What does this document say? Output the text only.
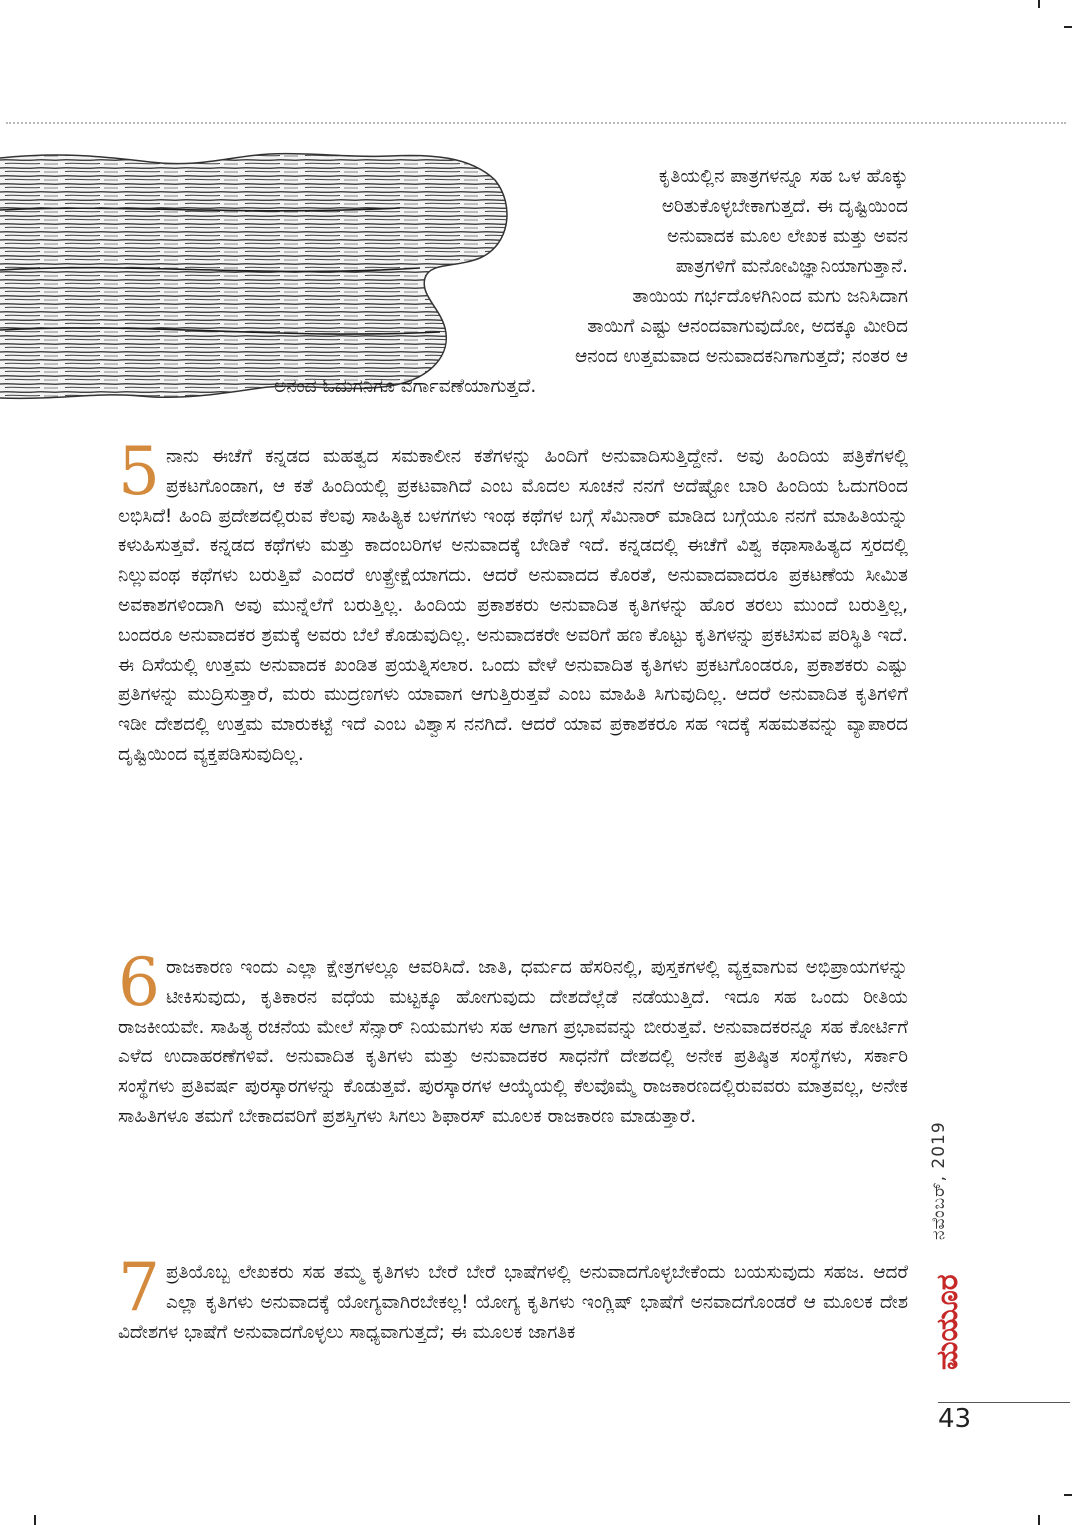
ಕೃತಿಯಲ್ಲಿನ ಪಾತ್ರಗಳನ್ನೂ ಸಹ ಒಳ ಹೊಕ್ಕು

ಅರಿತುಕೊಳ್ಳಬೇಕಾಗುತ್ತದೆ. ಈ ದೃಷ್ಟಿಯಿಂದ

ಅನುವಾದಕ ಮೂಲ ಲೇಖಕ ಮತ್ತು ಅವನ

ಪಾತ್ರಗಳಿಗೆ ಮನೋವಿಜ್ಞಾನಿಯಾಗುತ್ತಾನೆ.

ತಾಯಿಯ ಗರ್ಭದೊಳಗಿನಿಂದ ಮಗು ಜನಿಸಿದಾಗ

ತಾಯಿಗೆ ಎಷ್ಟು ಆನಂದವಾಗುವುದೋ, ಅದಕ್ಕೂ ಮೀರಿದ

ಆನಂದ ಉತ್ತಮವಾದ ಅನುವಾದಕನಿಗಾಗುತ್ತದೆ; ನಂತರ ಆ

ಅನಂದ ಓದುಗನಿಗೂ ವರ್ಗಾವಣೆಯಾಗುತ್ತದೆ.

5 ನಾನು ಈಚೆಗೆ ಕನ್ನಡದ ಮಹತ್ವದ ಸಮಕಾಲೀನ ಕತೆಗಳನ್ನು ಹಿಂದಿಗೆ ಅನುವಾದಿಸುತ್ತಿದ್ದೇನೆ. ಅವು ಹಿಂದಿಯ ಪತ್ರಿಕೆಗಳಲ್ಲಿ ಪ್ರಕಟಗೊಂಡಾಗ, ಆ ಕತೆ ಹಿಂದಿಯಲ್ಲಿ ಪ್ರಕಟವಾಗಿದೆ ಎಂಬ ಮೊದಲ ಸೂಚನೆ ನನಗೆ ಅದೆಷ್ಟೋ ಬಾರಿ ಹಿಂದಿಯ ಓದುಗರಿಂದ ಲಭಿಸಿದೆ! ಹಿಂದಿ ಪ್ರದೇಶದಲ್ಲಿರುವ ಕೆಲವು ಸಾಹಿತ್ಯಿಕ ಬಳಗಗಳು ಇಂಥ ಕಥೆಗಳ ಬಗ್ಗೆ ಸೆಮಿನಾರ್ ಮಾಡಿದ ಬಗ್ಗೆಯೂ ನನಗೆ ಮಾಹಿತಿಯನ್ನು ಕಳುಹಿಸುತ್ತವೆ. ಕನ್ನಡದ ಕಥೆಗಳು ಮತ್ತು ಕಾದಂಬರಿಗಳ ಅನುವಾದಕ್ಕೆ ಬೇಡಿಕೆ ಇದೆ. ಕನ್ನಡದಲ್ಲಿ ಈಚೆಗೆ ವಿಶ್ವ ಕಥಾಸಾಹಿತ್ಯದ ಸ್ತರದಲ್ಲಿ ನಿಲ್ಲುವಂಥ ಕಥೆಗಳು ಬರುತ್ತಿವೆ ಎಂದರೆ ಉತ್ಪ್ರೇಕ್ಷೆಯಾಗದು. ಆದರೆ ಅನುವಾದದ ಕೊರತೆ, ಅನುವಾದವಾದರೂ ಪ್ರಕಟಣೆಯ ಸೀಮಿತ ಅವಕಾಶಗಳಿಂದಾಗಿ ಅವು ಮುನ್ನೆಲೆಗೆ ಬರುತ್ತಿಲ್ಲ. ಹಿಂದಿಯ ಪ್ರಕಾಶಕರು ಅನುವಾದಿತ ಕೃತಿಗಳನ್ನು ಹೊರ ತರಲು ಮುಂದೆ ಬರುತ್ತಿಲ್ಲ, ಬಂದರೂ ಅನುವಾದಕರ ಶ್ರಮಕ್ಕೆ ಅವರು ಬೆಲೆ ಕೊಡುವುದಿಲ್ಲ. ಅನುವಾದಕರೇ ಅವರಿಗೆ ಹಣ ಕೊಟ್ಟು ಕೃತಿಗಳನ್ನು ಪ್ರಕಟಿಸುವ ಪರಿಸ್ಥಿತಿ ಇದೆ. ಈ ದಿಸೆಯಲ್ಲಿ ಉತ್ತಮ ಅನುವಾದಕ ಖಂಡಿತ ಪ್ರಯತ್ನಿಸಲಾರ. ಒಂದು ವೇಳೆ ಅನುವಾದಿತ ಕೃತಿಗಳು ಪ್ರಕಟಗೊಂಡರೂ, ಪ್ರಕಾಶಕರು ಎಷ್ಟು ಪ್ರತಿಗಳನ್ನು ಮುದ್ರಿಸುತ್ತಾರೆ, ಮರು ಮುದ್ರಣಗಳು ಯಾವಾಗ ಆಗುತ್ತಿರುತ್ತವೆ ಎಂಬ ಮಾಹಿತಿ ಸಿಗುವುದಿಲ್ಲ. ಆದರೆ ಅನುವಾದಿತ ಕೃತಿಗಳಿಗೆ ಇಡೀ ದೇಶದಲ್ಲಿ ಉತ್ತಮ ಮಾರುಕಟ್ಟೆ ಇದೆ ಎಂಬ ವಿಶ್ವಾಸ ನನಗಿದೆ. ಆದರೆ ಯಾವ ಪ್ರಕಾಶಕರೂ ಸಹ ಇದಕ್ಕೆ ಸಹಮತವನ್ನು ವ್ಯಾಪಾರದ ದೃಷ್ಟಿಯಿಂದ ವ್ಯಕ್ತಪಡಿಸುವುದಿಲ್ಲ.
6 ರಾಜಕಾರಣ ಇಂದು ಎಲ್ಲಾ ಕ್ಷೇತ್ರಗಳಲ್ಲೂ ಆವರಿಸಿದೆ. ಜಾತಿ, ಧರ್ಮದ ಹೆಸರಿನಲ್ಲಿ, ಪುಸ್ತಕಗಳಲ್ಲಿ ವ್ಯಕ್ತವಾಗುವ ಅಭಿಪ್ರಾಯಗಳನ್ನು ಟೀಕಿಸುವುದು, ಕೃತಿಕಾರನ ವಧೆಯ ಮಟ್ಟಕ್ಕೂ ಹೋಗುವುದು ದೇಶದೆಲ್ಲೆಡೆ ನಡೆಯುತ್ತಿದೆ. ಇದೂ ಸಹ ಒಂದು ರೀತಿಯ ರಾಜಕೀಯವೇ. ಸಾಹಿತ್ಯ ರಚನೆಯ ಮೇಲೆ ಸೆನ್ಸಾರ್ ನಿಯಮಗಳು ಸಹ ಆಗಾಗ ಪ್ರಭಾವವನ್ನು ಬೀರುತ್ತವೆ. ಅನುವಾದಕರನ್ನೂ ಸಹ ಕೋರ್ಟಿಗೆ ಎಳೆದ ಉದಾಹರಣೆಗಳಿವೆ. ಅನುವಾದಿತ ಕೃತಿಗಳು ಮತ್ತು ಅನುವಾದಕರ ಸಾಧನೆಗೆ ದೇಶದಲ್ಲಿ ಅನೇಕ ಪ್ರತಿಷ್ಠಿತ ಸಂಸ್ಥೆಗಳು, ಸರ್ಕಾರಿ ಸಂಸ್ಥೆಗಳು ಪ್ರತಿವರ್ಷ ಪುರಸ್ಕಾರಗಳನ್ನು ಕೊಡುತ್ತವೆ. ಪುರಸ್ಕಾರಗಳ ಆಯ್ಕೆಯಲ್ಲಿ ಕೆಲವೊಮ್ಮೆ ರಾಜಕಾರಣದಲ್ಲಿರುವವರು ಮಾತ್ರವಲ್ಲ, ಅನೇಕ ಸಾಹಿತಿಗಳೂ ತಮಗೆ ಬೇಕಾದವರಿಗೆ ಪ್ರಶಸ್ತಿಗಳು ಸಿಗಲು ಶಿಫಾರಸ್ ಮೂಲಕ ರಾಜಕಾರಣ ಮಾಡುತ್ತಾರೆ.
7 ಪ್ರತಿಯೊಬ್ಬ ಲೇಖಕರು ಸಹ ತಮ್ಮ ಕೃತಿಗಳು ಬೇರೆ ಬೇರೆ ಭಾಷೆಗಳಲ್ಲಿ ಅನುವಾದಗೊಳ್ಳಬೇಕೆಂದು ಬಯಸುವುದು ಸಹಜ. ಆದರೆ ಎಲ್ಲಾ ಕೃತಿಗಳು ಅನುವಾದಕ್ಕೆ ಯೋಗ್ಯವಾಗಿರಬೇಕಲ್ಲ! ಯೋಗ್ಯ ಕೃತಿಗಳು ಇಂಗ್ಲಿಷ್ ಭಾಷೆಗೆ ಅನವಾದಗೊಂಡರೆ ಆ ಮೂಲಕ ದೇಶ ವಿದೇಶಗಳ ಭಾಷೆಗೆ ಅನುವಾದಗೊಳ್ಳಲು ಸಾಧ್ಯವಾಗುತ್ತದೆ; ಈ ಮೂಲಕ ಜಾಗತಿಕ
ನವೆಂಬರ್, 2019
ಮಯೂರ
43
